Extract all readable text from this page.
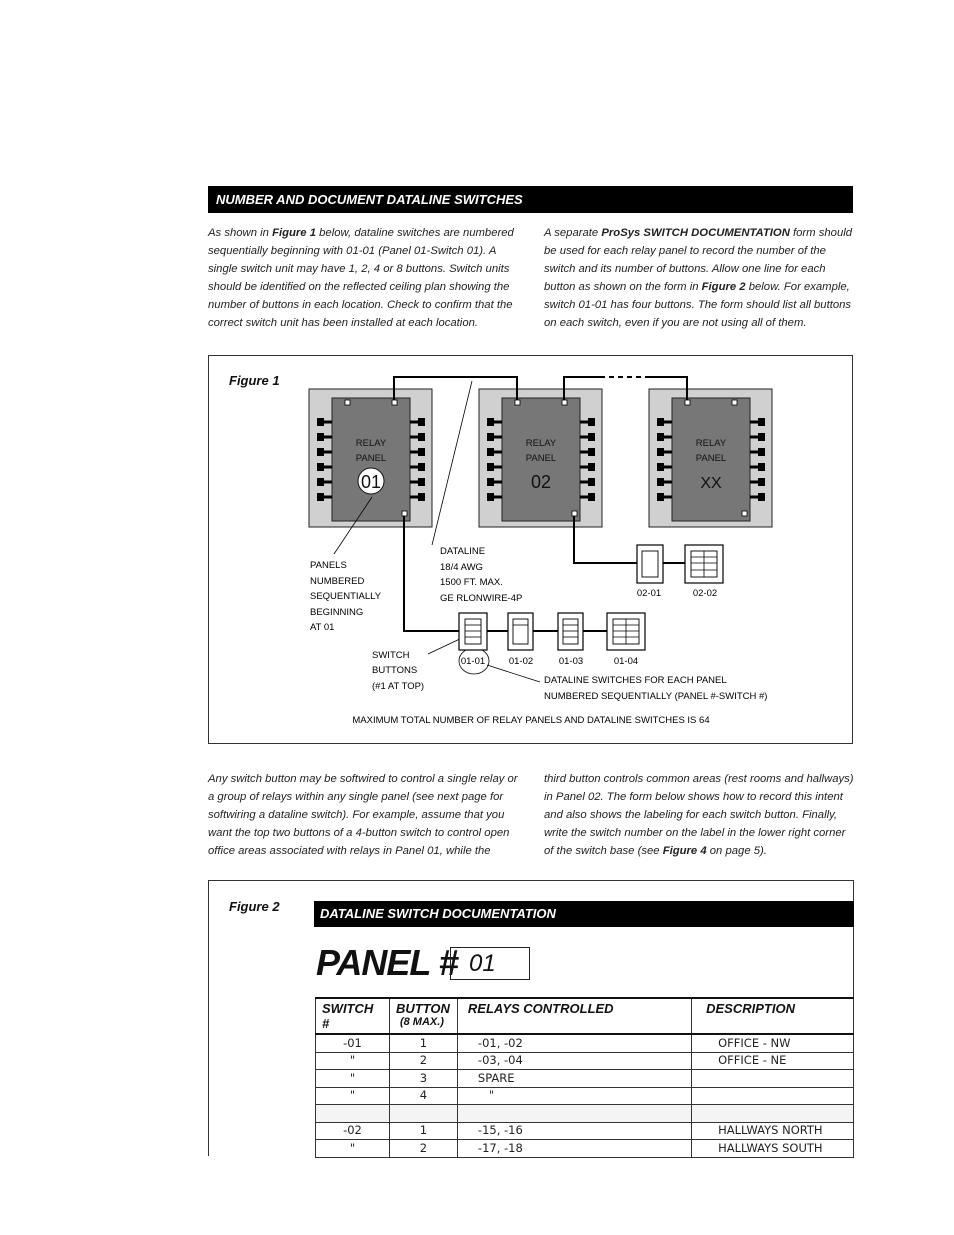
NUMBER AND DOCUMENT DATALINE SWITCHES
As shown in Figure 1 below, dataline switches are numbered sequentially beginning with 01-01 (Panel 01-Switch 01). A single switch unit may have 1, 2, 4 or 8 buttons. Switch units should be identified on the reflected ceiling plan showing the number of buttons in each location. Check to confirm that the correct switch unit has been installed at each location.
A separate ProSys SWITCH DOCUMENTATION form should be used for each relay panel to record the number of the switch and its number of buttons. Allow one line for each button as shown on the form in Figure 2 below. For example, switch 01-01 has four buttons. The form should list all buttons on each switch, even if you are not using all of them.
Figure 1
RELAY
PANEL
01
RELAY
PANEL
02
RELAY
PANEL
XX
01-01 01-02	01-03	01-04
02-01	02-02
PANELS
NUMBERED
SEQUENTIALLY
BEGINNING
AT 01
DATALINE
18/4 AWG
1500 FT. MAX.
GE RLONWIRE-4P
SWITCH
BUTTONS
(#1 AT TOP)
DATALINE SWITCHES FOR EACH PANEL
NUMBERED SEQUENTIALLY (PANEL #-SWITCH #)
MAXIMUM TOTAL NUMBER OF RELAY PANELS AND DATALINE SWITCHES IS 64
Any switch button may be softwired to control a single relay or a group of relays within any single panel (see next page for softwiring a dataline switch). For example, assume that you want the top two buttons of a 4-button switch to control open office areas associated with relays in Panel 01, while the
third button controls common areas (rest rooms and hallways) in Panel 02. The form below shows how to record this intent and also shows the labeling for each switch button. Finally, write the switch number on the label in the lower right corner of the switch base (see Figure 4 on page 5).
Figure 2	DATALINE SWITCH DOCUMENTATION
PANEL # 01
SWITCH #	BUTTON
(8 MAX.)	RELAYS CONTROLLED	DESCRIPTION
-01	1	-01, -02	OFFICE - NW
"	2	-03, -04	OFFICE - NE
"	3	SPARE	
"	4	"	

-02	1	-15, -16	HALLWAYS NORTH
"	2	-17, -18	HALLWAYS SOUTH
